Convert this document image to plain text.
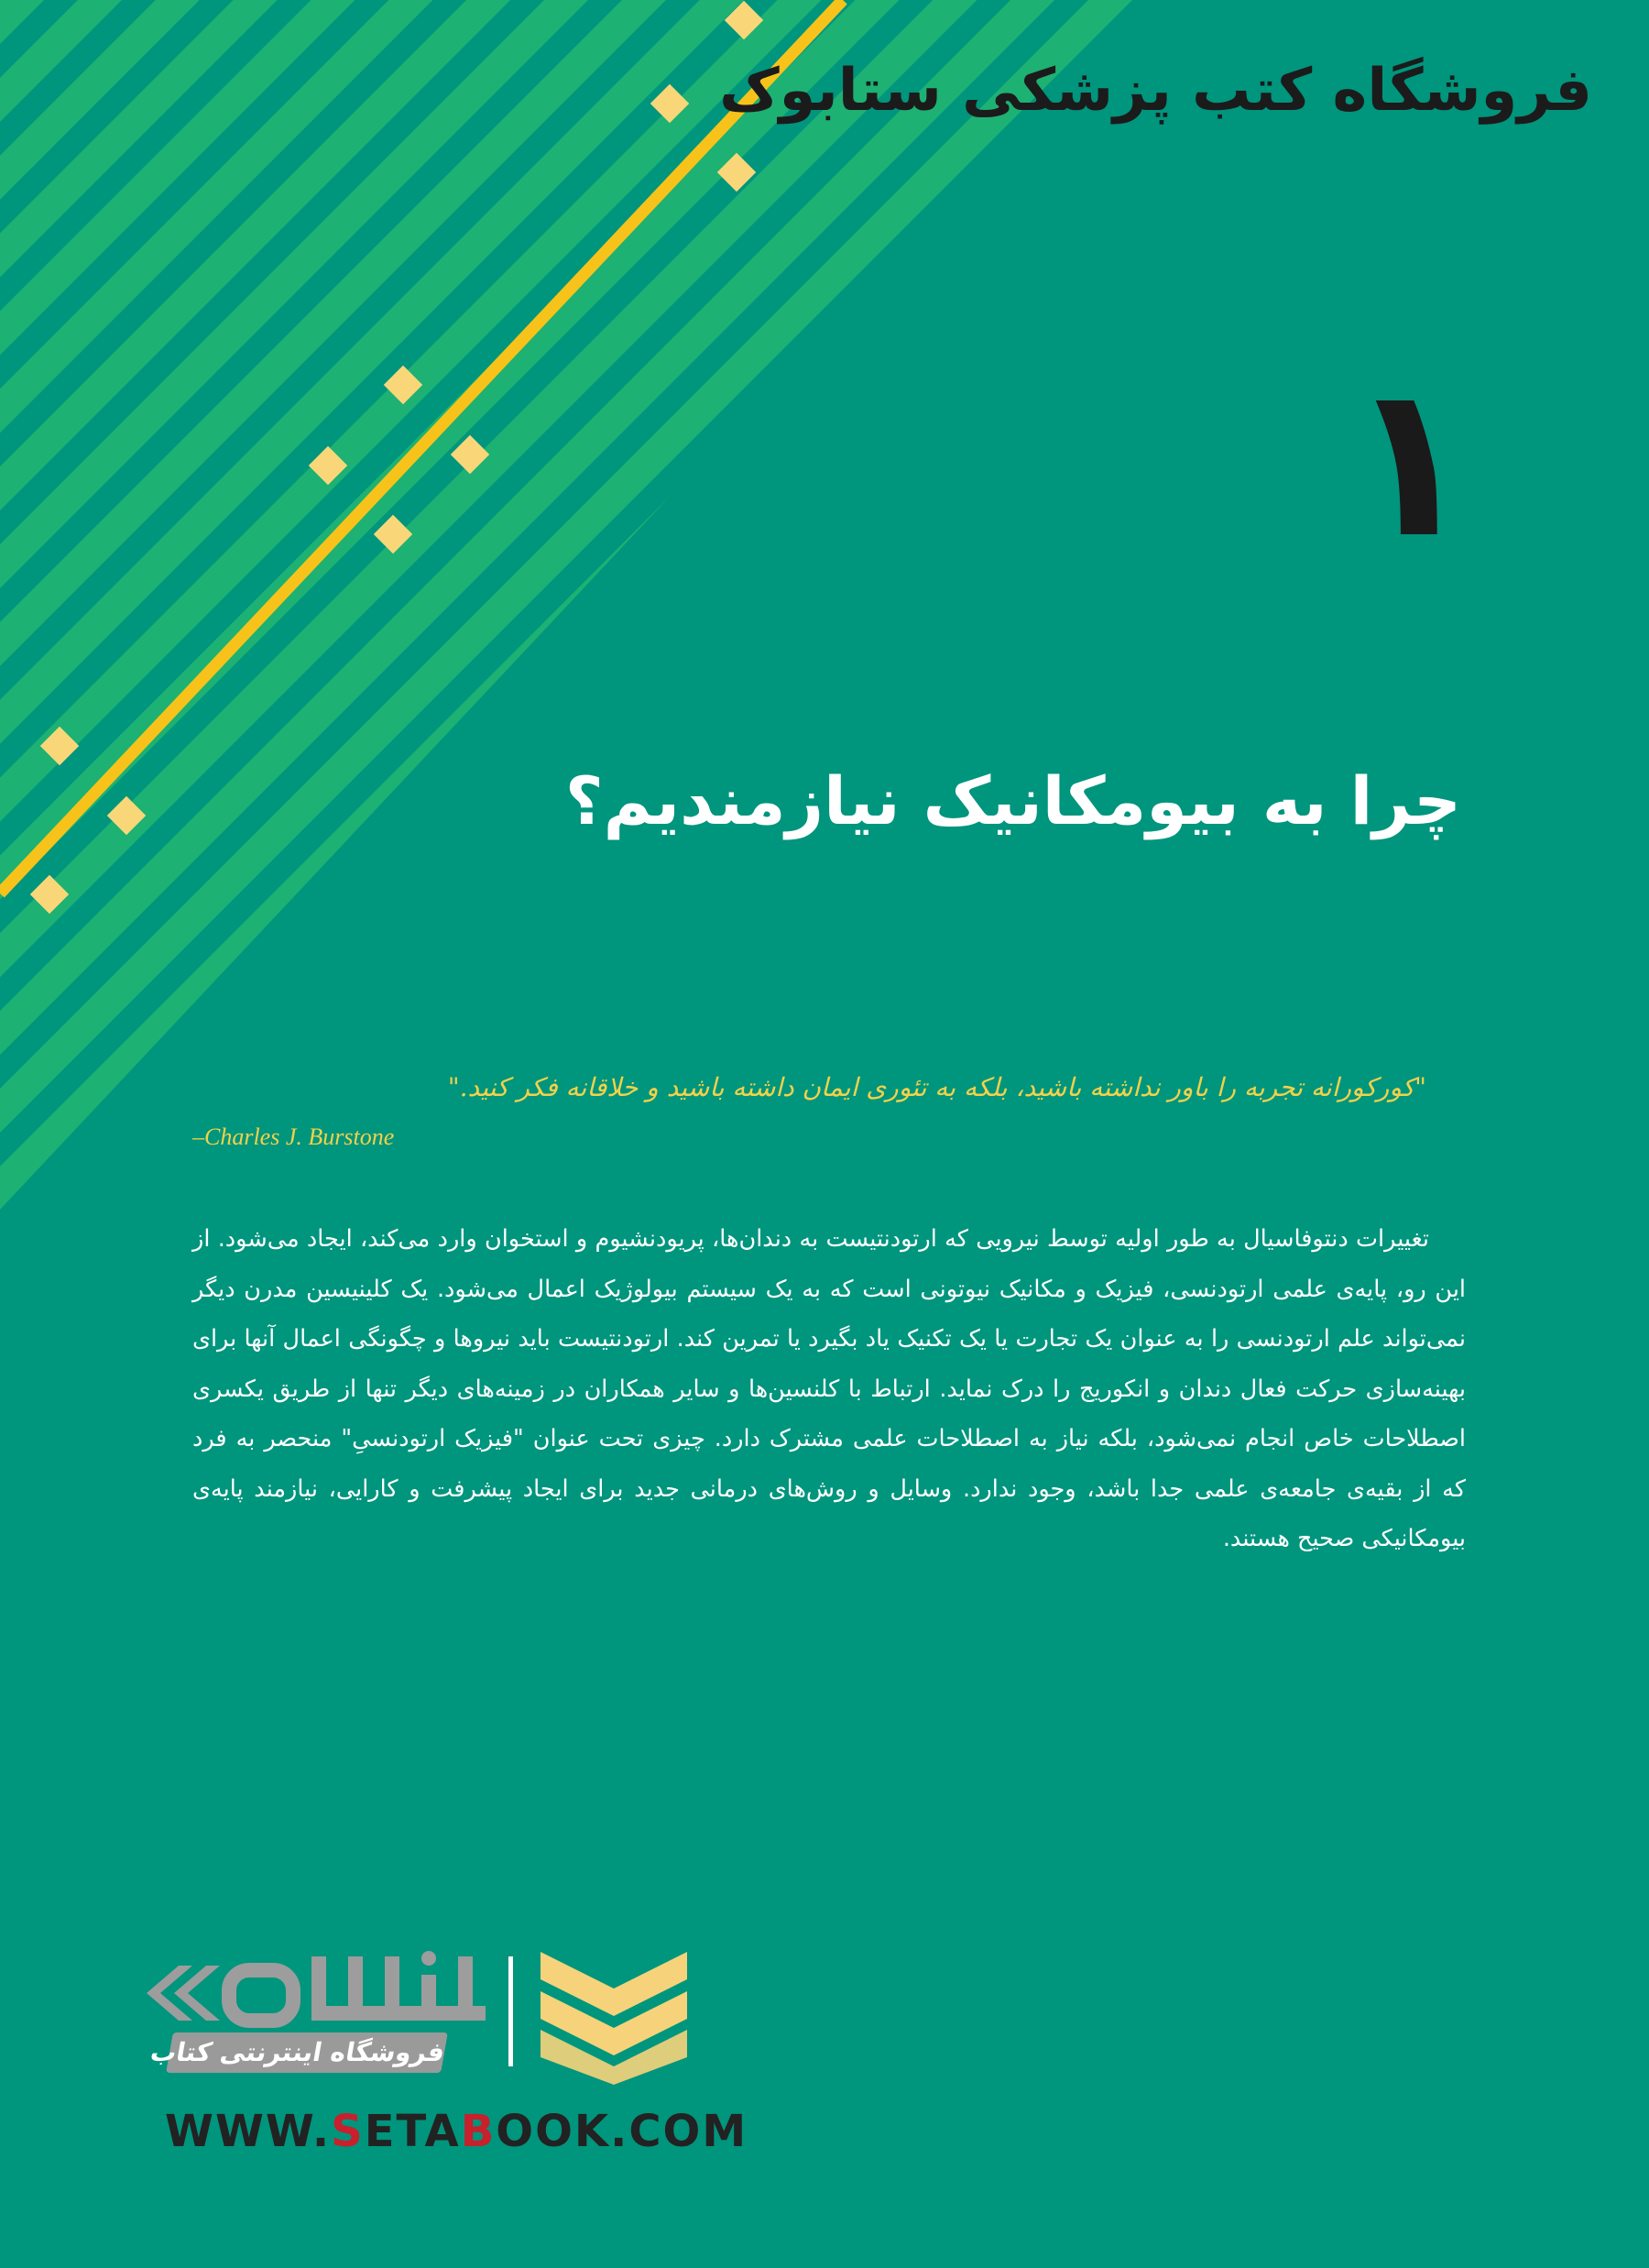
فروشگاه کتب پزشکی ستابوک
۱
چرا به بیومکانیک نیازمندیم؟
"کورکورانه تجربه را باور نداشته باشید، بلکه به تئوری ایمان داشته باشید و خلاقانه فکر کنید."
–Charles J. Burstone
تغییرات دنتوفاسیال به طور اولیه توسط نیرویی که ارتودنتیست به دندان‌ها، پریودنشیوم و استخوان وارد می‌کند، ایجاد می‌شود. از این رو، پایه‌ی علمی ارتودنسی، فیزیک و مکانیک نیوتونی است که به یک سیستم بیولوژیک اعمال می‌شود. یک کلینیسین مدرن دیگر نمی‌تواند علم ارتودنسی را به عنوان یک تجارت یا یک تکنیک یاد بگیرد یا تمرین کند. ارتودنتیست باید نیروها و چگونگی اعمال آنها برای بهینه‌سازی حرکت فعال دندان و انکوریج را درک نماید. ارتباط با کلنسین‌ها و سایر همکاران در زمینه‌های دیگر تنها از طریق یکسری اصطلاحات خاص انجام نمی‌شود، بلکه نیاز به اصطلاحات علمی مشترک دارد. چیزی تحت عنوان "فیزیک ارتودنسیِ" منحصر به فرد که از بقیه‌ی جامعه‌ی علمی جدا باشد، وجود ندارد. وسایل و روش‌های درمانی جدید برای ایجاد پیشرفت و کارایی، نیازمند پایه‌ی بیومکانیکی صحیح هستند.
ستابوک
فروشگاه اینترنتی کتاب
WWW.SETABOOK.COM
